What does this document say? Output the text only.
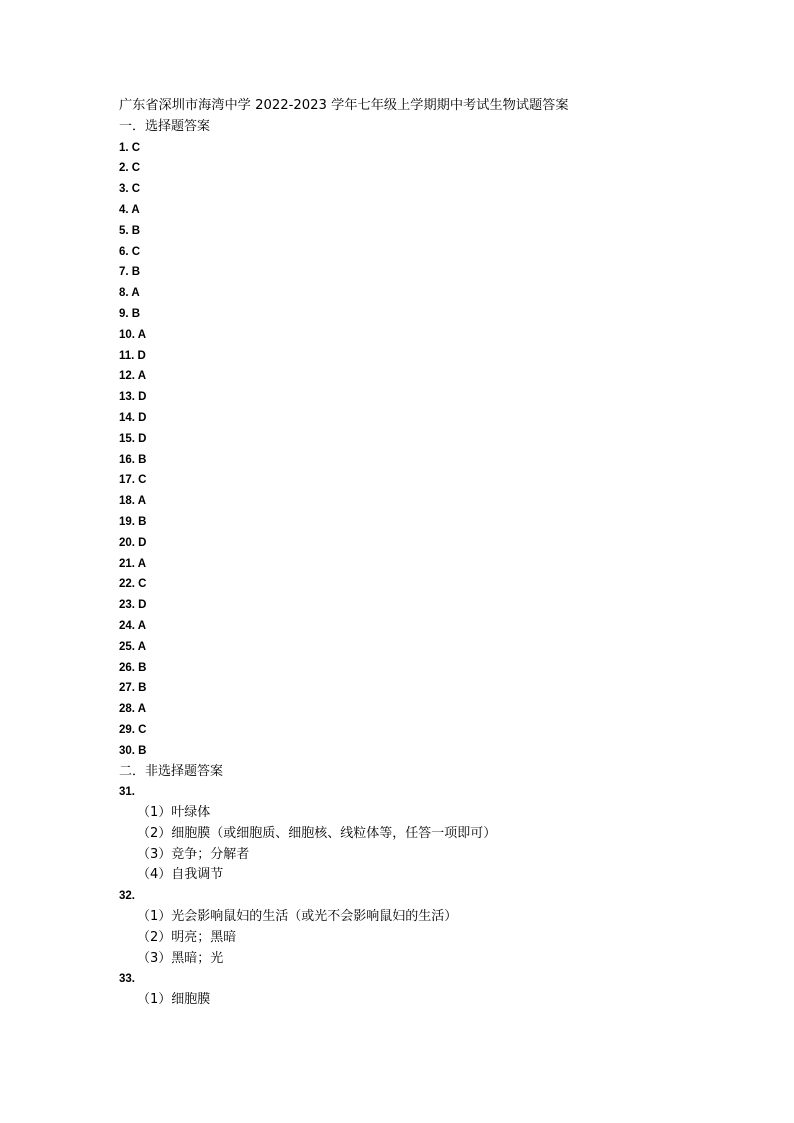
广东省深圳市海湾中学 2022-2023 学年七年级上学期期中考试生物试题答案
一．选择题答案
1. C
2. C
3. C
4. A
5. B
6. C
7. B
8. A
9. B
10. A
11. D
12. A
13. D
14. D
15. D
16. B
17. C
18. A
19. B
20. D
21. A
22. C
23. D
24. A
25. A
26. B
27. B
28. A
29. C
30. B
二．非选择题答案
31.
（1）叶绿体
（2）细胞膜（或细胞质、细胞核、线粒体等，任答一项即可）
（3）竞争；分解者
（4）自我调节
32.
（1）光会影响鼠妇的生活（或光不会影响鼠妇的生活）
（2）明亮；黑暗
（3）黑暗；光
33.
（1）细胞膜
